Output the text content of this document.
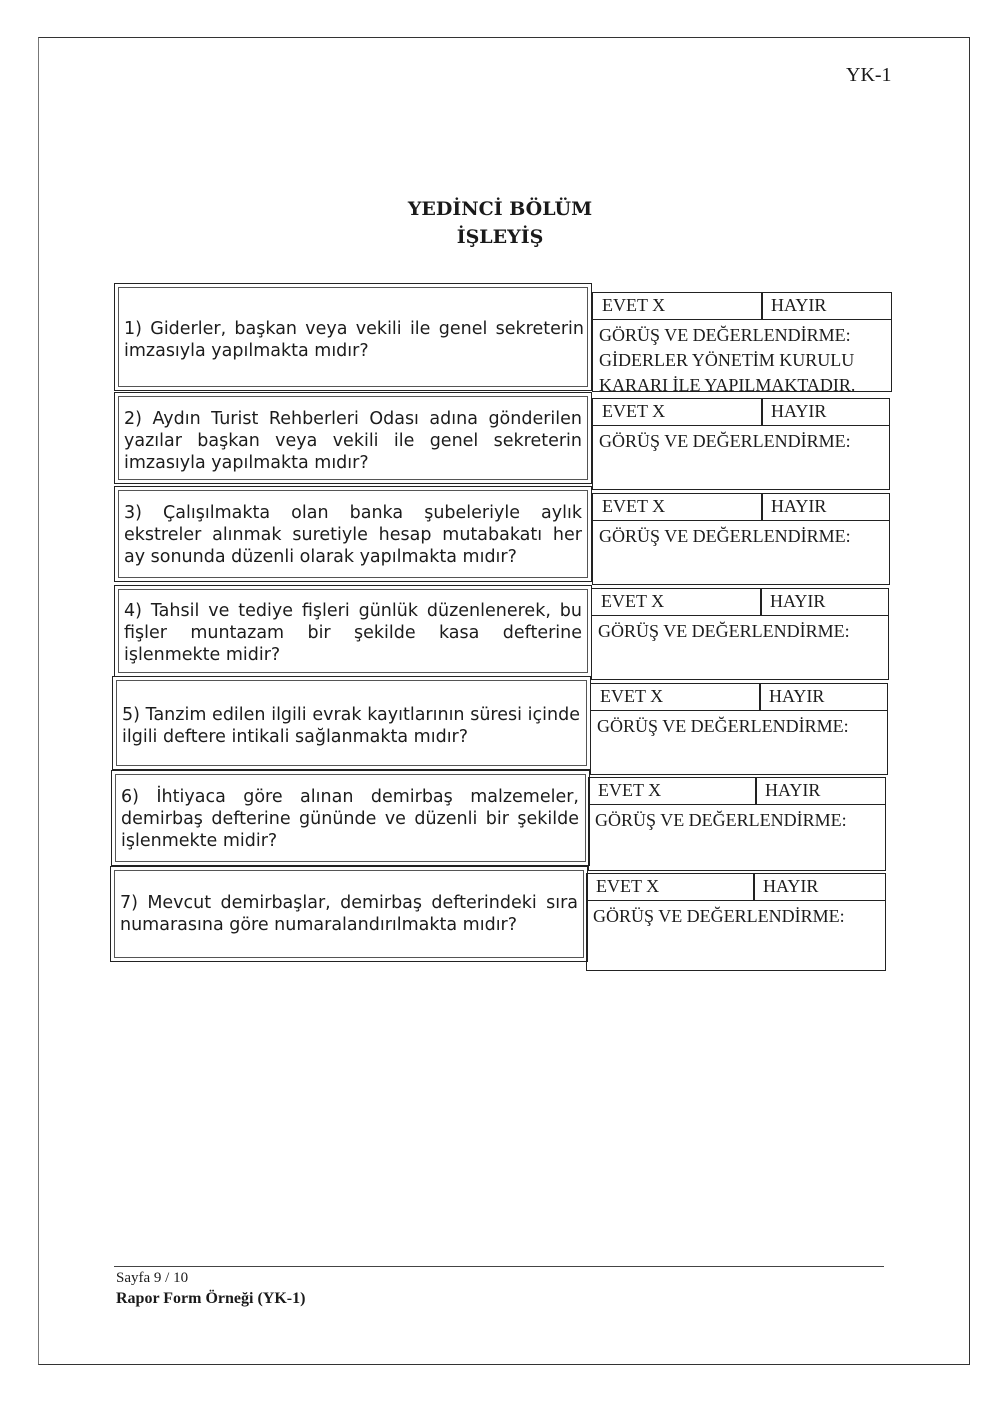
YK-1
YEDİNCİ BÖLÜM
İŞLEYİŞ
1) Giderler, başkan veya vekili ile genel sekreterin imzasıyla yapılmakta mıdır?
EVET X	HAYIR
GÖRÜŞ VE DEĞERLENDİRME:
GİDERLER YÖNETİM KURULU
KARARI İLE YAPILMAKTADIR.
2) Aydın Turist Rehberleri Odası adına gönderilen yazılar başkan veya vekili ile genel sekreterin imzasıyla yapılmakta mıdır?
EVET X	HAYIR
GÖRÜŞ VE DEĞERLENDİRME:
3) Çalışılmakta olan banka şubeleriyle aylık ekstreler alınmak suretiyle hesap mutabakatı her ay sonunda düzenli olarak yapılmakta mıdır?
EVET X	HAYIR
GÖRÜŞ VE DEĞERLENDİRME:
4) Tahsil ve tediye fişleri günlük düzenlenerek, bu fişler muntazam bir şekilde kasa defterine işlenmekte midir?
EVET X	HAYIR
GÖRÜŞ VE DEĞERLENDİRME:
5) Tanzim edilen ilgili evrak kayıtlarının süresi içinde ilgili deftere intikali sağlanmakta mıdır?
EVET X	HAYIR
GÖRÜŞ VE DEĞERLENDİRME:
6) İhtiyaca göre alınan demirbaş malzemeler, demirbaş defterine gününde ve düzenli bir şekilde işlenmekte midir?
EVET X	HAYIR
GÖRÜŞ VE DEĞERLENDİRME:
7) Mevcut demirbaşlar, demirbaş defterindeki sıra numarasına göre numaralandırılmakta mıdır?
EVET X	HAYIR
GÖRÜŞ VE DEĞERLENDİRME:
Sayfa 9 / 10
Rapor Form Örneği (YK-1)
